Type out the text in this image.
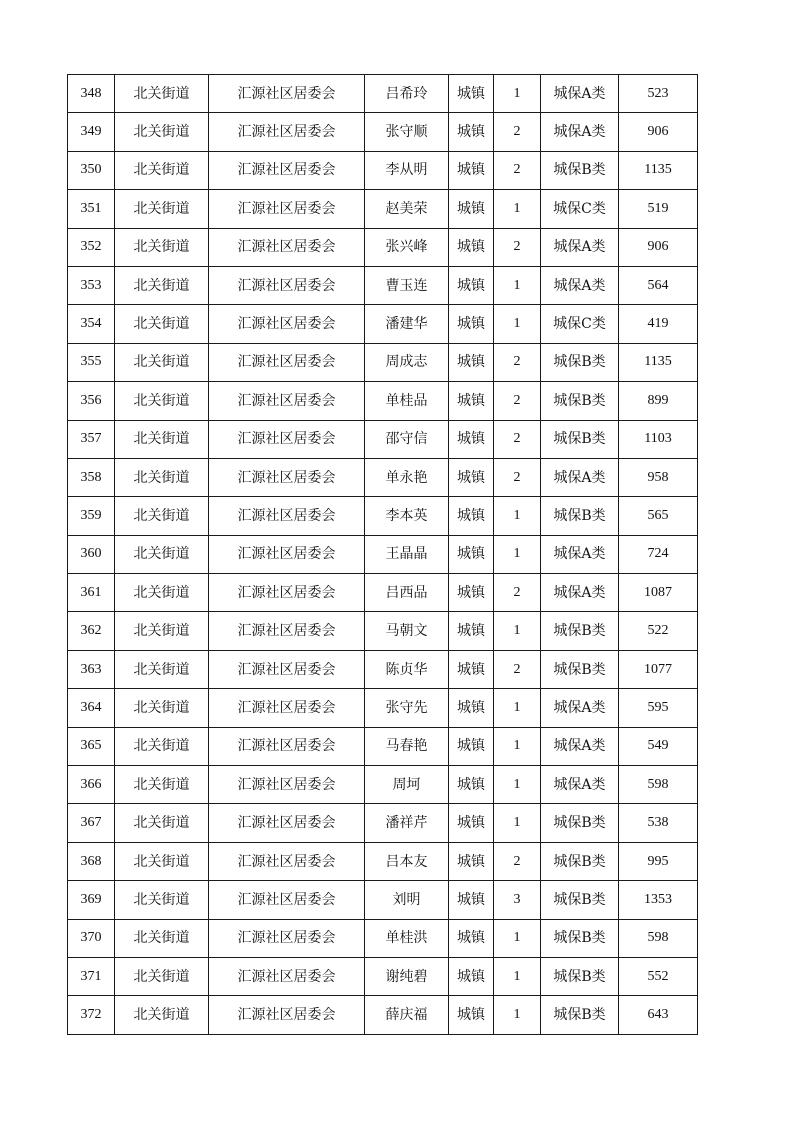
348	北关街道	汇源社区居委会	吕希玲	城镇	1	城保A类	523
349	北关街道	汇源社区居委会	张守顺	城镇	2	城保A类	906
350	北关街道	汇源社区居委会	李从明	城镇	2	城保B类	1135
351	北关街道	汇源社区居委会	赵美荣	城镇	1	城保C类	519
352	北关街道	汇源社区居委会	张兴峰	城镇	2	城保A类	906
353	北关街道	汇源社区居委会	曹玉连	城镇	1	城保A类	564
354	北关街道	汇源社区居委会	潘建华	城镇	1	城保C类	419
355	北关街道	汇源社区居委会	周成志	城镇	2	城保B类	1135
356	北关街道	汇源社区居委会	单桂品	城镇	2	城保B类	899
357	北关街道	汇源社区居委会	邵守信	城镇	2	城保B类	1103
358	北关街道	汇源社区居委会	单永艳	城镇	2	城保A类	958
359	北关街道	汇源社区居委会	李本英	城镇	1	城保B类	565
360	北关街道	汇源社区居委会	王晶晶	城镇	1	城保A类	724
361	北关街道	汇源社区居委会	吕西品	城镇	2	城保A类	1087
362	北关街道	汇源社区居委会	马朝文	城镇	1	城保B类	522
363	北关街道	汇源社区居委会	陈贞华	城镇	2	城保B类	1077
364	北关街道	汇源社区居委会	张守先	城镇	1	城保A类	595
365	北关街道	汇源社区居委会	马春艳	城镇	1	城保A类	549
366	北关街道	汇源社区居委会	周坷	城镇	1	城保A类	598
367	北关街道	汇源社区居委会	潘祥芹	城镇	1	城保B类	538
368	北关街道	汇源社区居委会	吕本友	城镇	2	城保B类	995
369	北关街道	汇源社区居委会	刘明	城镇	3	城保B类	1353
370	北关街道	汇源社区居委会	单桂洪	城镇	1	城保B类	598
371	北关街道	汇源社区居委会	谢纯碧	城镇	1	城保B类	552
372	北关街道	汇源社区居委会	薛庆福	城镇	1	城保B类	643
